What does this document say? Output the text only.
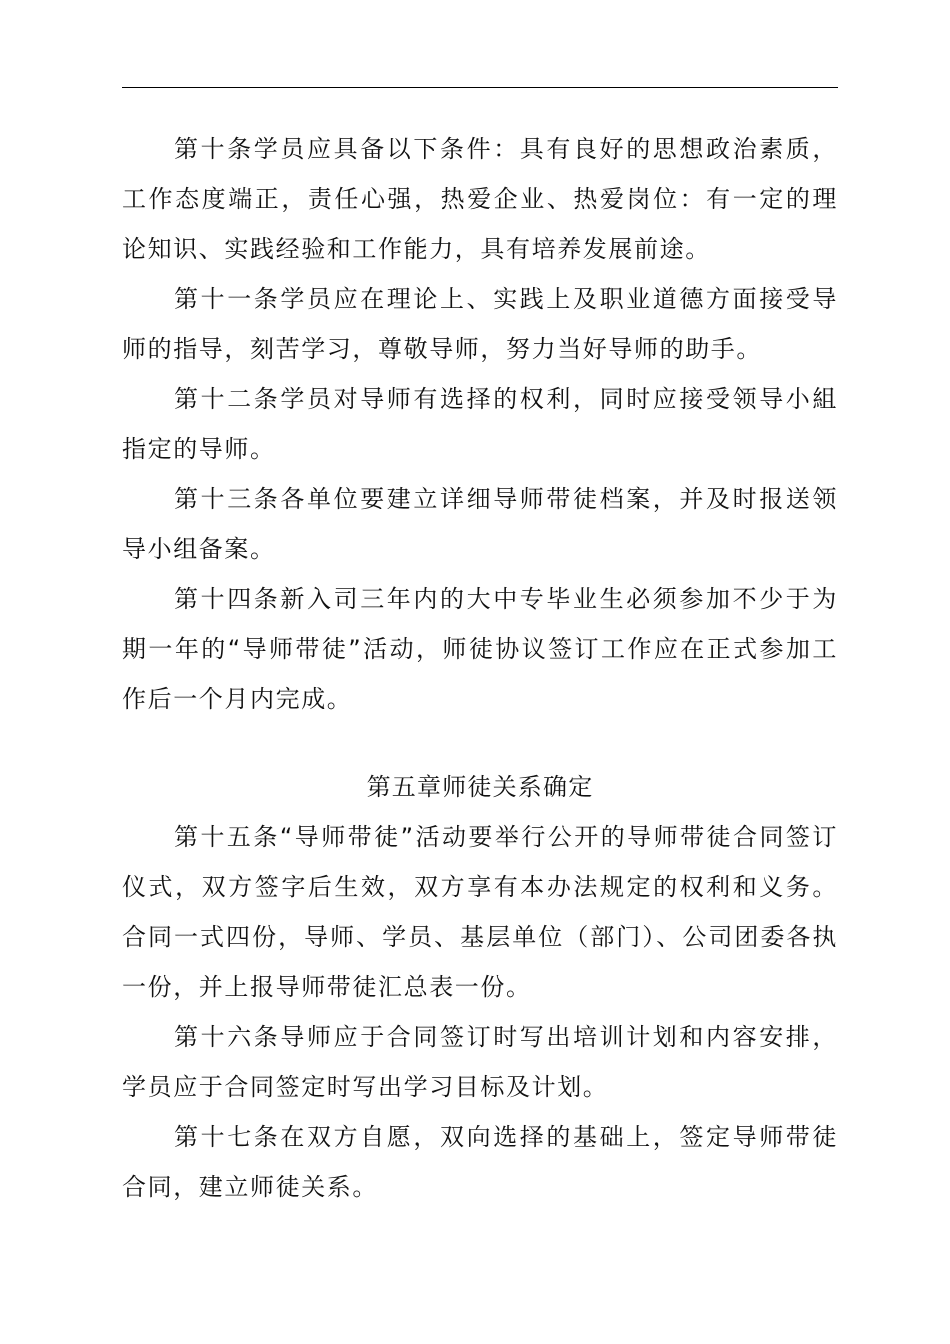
第十条学员应具备以下条件：具有良好的思想政治素质，工作态度端正，责任心强，热爱企业、热爱岗位：有一定的理论知识、实践经验和工作能力，具有培养发展前途。

第十一条学员应在理论上、实践上及职业道德方面接受导师的指导，刻苦学习，尊敬导师，努力当好导师的助手。

第十二条学员对导师有选择的权利，同时应接受领导小組指定的导师。

第十三条各单位要建立详细导师带徒档案，并及时报送领导小组备案。

第十四条新入司三年内的大中专毕业生必须参加不少于为期一年的“导师带徒”活动，师徒协议签订工作应在正式参加工作后一个月内完成。

第五章师徒关系确定

第十五条“导师带徒”活动要举行公开的导师带徒合同签订仪式，双方签字后生效，双方享有本办法规定的权利和义务。合同一式四份，导师、学员、基层单位（部门）、公司团委各执一份，并上报导师带徒汇总表一份。

第十六条导师应于合同签订时写出培训计划和内容安排，学员应于合同签定时写出学习目标及计划。

第十七条在双方自愿，双向选择的基础上，签定导师带徒合同，建立师徒关系。
